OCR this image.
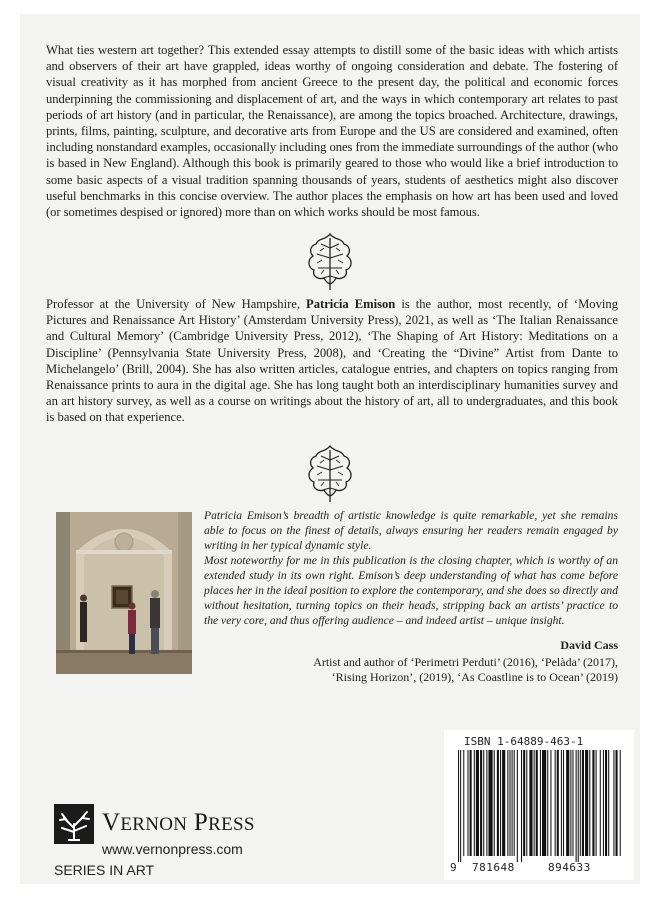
What ties western art together? This extended essay attempts to distill some of the basic ideas with which artists and observers of their art have grappled, ideas worthy of ongoing consideration and debate. The fostering of visual creativity as it has morphed from ancient Greece to the present day, the political and economic forces underpinning the commissioning and displacement of art, and the ways in which contemporary art relates to past periods of art history (and in particular, the Renaissance), are among the topics broached. Architecture, drawings, prints, films, painting, sculpture, and decorative arts from Europe and the US are considered and examined, often including nonstandard examples, occasionally including ones from the immediate surroundings of the author (who is based in New England). Although this book is primarily geared to those who would like a brief introduction to some basic aspects of a visual tradition spanning thousands of years, students of aesthetics might also discover useful benchmarks in this concise overview. The author places the emphasis on how art has been used and loved (or sometimes despised or ignored) more than on which works should be most famous.

Professor at the University of New Hampshire, Patricia Emison is the author, most recently, of ‘Moving Pictures and Renaissance Art History’ (Amsterdam University Press), 2021, as well as ‘The Italian Renaissance and Cultural Memory’ (Cambridge University Press, 2012), ‘The Shaping of Art History: Meditations on a Discipline’ (Pennsylvania State University Press, 2008), and ‘Creating the “Divine” Artist from Dante to Michelangelo’ (Brill, 2004). She has also written articles, catalogue entries, and chapters on topics ranging from Renaissance prints to aura in the digital age. She has long taught both an interdisciplinary humanities survey and an art history survey, as well as a course on writings about the history of art, all to undergraduates, and this book is based on that experience.

Patricia Emison’s breadth of artistic knowledge is quite remarkable, yet she remains able to focus on the finest of details, always ensuring her readers remain engaged by writing in her typical dynamic style.

Most noteworthy for me in this publication is the closing chapter, which is worthy of an extended study in its own right. Emison’s deep understanding of what has come before places her in the ideal position to explore the contemporary, and she does so directly and without hesitation, turning topics on their heads, stripping back an artists’ practice to the very core, and thus offering audience – and indeed artist – unique insight.

David Cass
Artist and author of ‘Perimetri Perduti’ (2016), ‘Pelàda’ (2017), ‘Rising Horizon’, (2019), ‘As Coastline is to Ocean’ (2019)
VERNON PRESS
www.vernonpress.com
SERIES IN ART
ISBN 1-64889-463-1
9 781648	894633
